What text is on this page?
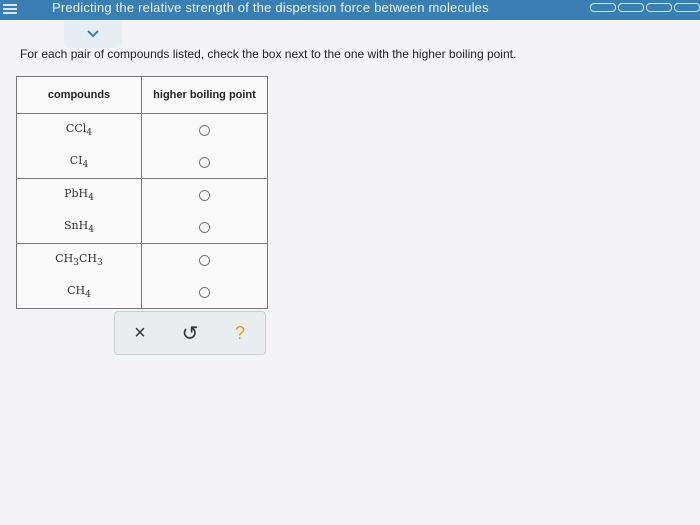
Predicting the relative strength of the dispersion force between molecules
For each pair of compounds listed, check the box next to the one with the higher boiling point.
compounds	higher boiling point
CCl$_4$	
$CI_4$	
PbH$_4$	
SnH$_4$	
$CH_3CH_3$	
$CH_4$	
× ↺ ?
